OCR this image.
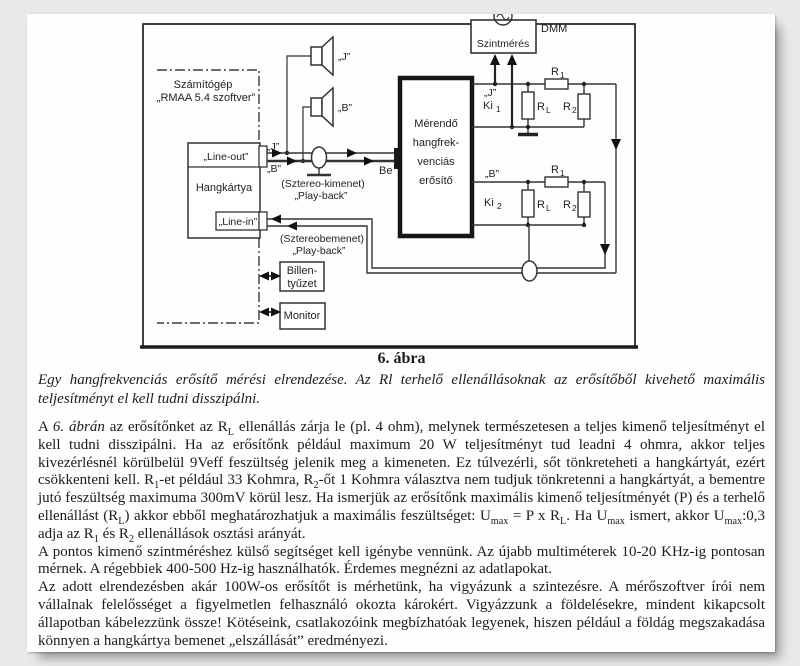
Számítógép
„RMAA 5.4 szoftver”
„Line-out”
Hangkártya
„Line-in”
„J”
„B”
„J”
„B”	Be
(Sztereo-kimenet)
„Play-back”
Mérendő
hangfrek-
venciás
erősítő
„J”
Ki 1
R 1
R L R 2
Szintmérés
DMM
„B”
Ki 2
R 1
R L R 2
(Sztereobemenet)
„Play-back”
Billen-
tyűzet
Monitor

6. ábra

Egy hangfrekvenciás erősítő mérési elrendezése. Az Rl terhelő ellenállásoknak az erősítőből kivehető maximális teljesítményt el kell tudni disszipálni.

A 6. ábrán az erősítőnket az $R_L$ ellenállás zárja le (pl. 4 ohm), melynek természetesen a teljes kimenő teljesítményt el kell tudni disszipálni. Ha az erősítőnk például maximum 20 W teljesítményt tud leadni 4 ohmra, akkor teljes kivezérlésnél körülbelül 9Veff feszültség jelenik meg a kimeneten. Ez túlvezérli, sőt tönkreteheti a hangkártyát, ezért csökkenteni kell. $R_1-et$ például 33 Kohmra, $R_2-őt$ 1 Kohmra választva nem tudjuk tönkretenni a hangkártyát, a bementre jutó feszültség maximuma 300mV körül lesz. Ha ismerjük az erősítőnk maximális kimenő teljesítményét (P) és a terhelő ellenállást $(R_L)$ akkor ebből meghatározhatjuk a maximális feszültséget: $U_{max} = P$ x $R_L$. Ha $U_{max}$ ismert, akkor $U_{max}:0,3$ adja az $R_1$ és $R_2$ ellenállások osztási arányát.

A pontos kimenő szintméréshez külső segítséget kell igénybe vennünk. Az újabb multiméterek 10-20 KHz-ig pontosan mérnek. A régebbiek 400-500 Hz-ig használhatók. Érdemes megnézni az adatlapokat.

Az adott elrendezésben akár 100W-os erősítőt is mérhetünk, ha vigyázunk a szintezésre. A mérőszoftver írói nem vállalnak felelősséget a figyelmetlen felhasználó okozta károkért. Vigyázzunk a földelésekre, mindent kikapcsolt állapotban kábelezzünk össze! Kötéseink, csatlakozóink megbízhatóak legyenek, hiszen például a földág megszakadása könnyen a hangkártya bemenet „elszállását” eredményezi.
